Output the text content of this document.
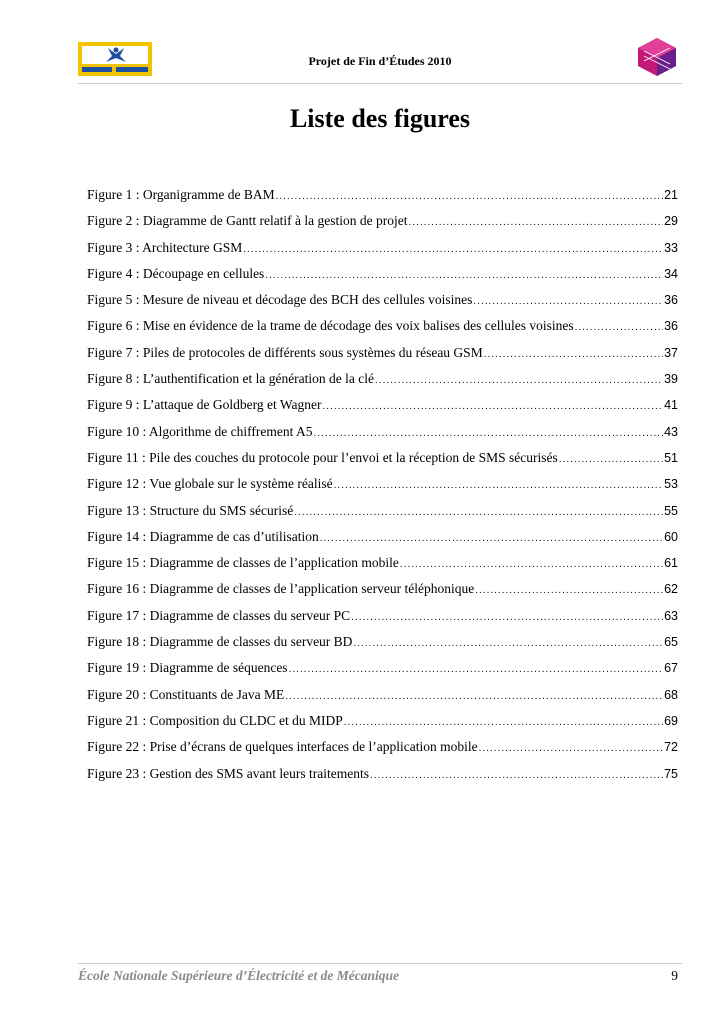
Projet de Fin d’Études 2010
Liste des figures
Figure 1 : Organigramme de BAM .....	21
Figure 2 : Diagramme de Gantt relatif à la gestion de projet .....	29
Figure 3 : Architecture GSM .....	33
Figure 4 : Découpage en cellules .....	34
Figure 5 : Mesure de niveau et décodage des BCH des cellules voisines .....	36
Figure 6 : Mise en évidence de la trame de décodage des voix balises des cellules voisines .....	36
Figure 7 : Piles de protocoles de différents sous systèmes du réseau GSM .....	37
Figure 8 : L’authentification et la génération de la clé .....	39
Figure 9 : L’attaque de Goldberg et Wagner .....	41
Figure 10 : Algorithme de chiffrement A5 .....	43
Figure 11 : Pile des couches du protocole pour l’envoi et la réception de SMS sécurisés .....	51
Figure 12 : Vue globale sur le système réalisé .....	53
Figure 13 : Structure du SMS sécurisé .....	55
Figure 14 : Diagramme de cas d’utilisation .....	60
Figure 15 : Diagramme de classes de l’application mobile .....	61
Figure 16 : Diagramme de classes de l’application serveur téléphonique .....	62
Figure 17 : Diagramme de classes du serveur PC .....	63
Figure 18 : Diagramme de classes du serveur BD .....	65
Figure 19 : Diagramme de séquences .....	67
Figure 20 : Constituants de Java ME .....	68
Figure 21 : Composition du CLDC et du MIDP .....	69
Figure 22 : Prise d’écrans de quelques interfaces de l’application mobile .....	72
Figure 23 : Gestion des SMS avant leurs traitements .....	75
École Nationale Supérieure d’Électricité et de Mécanique	9
